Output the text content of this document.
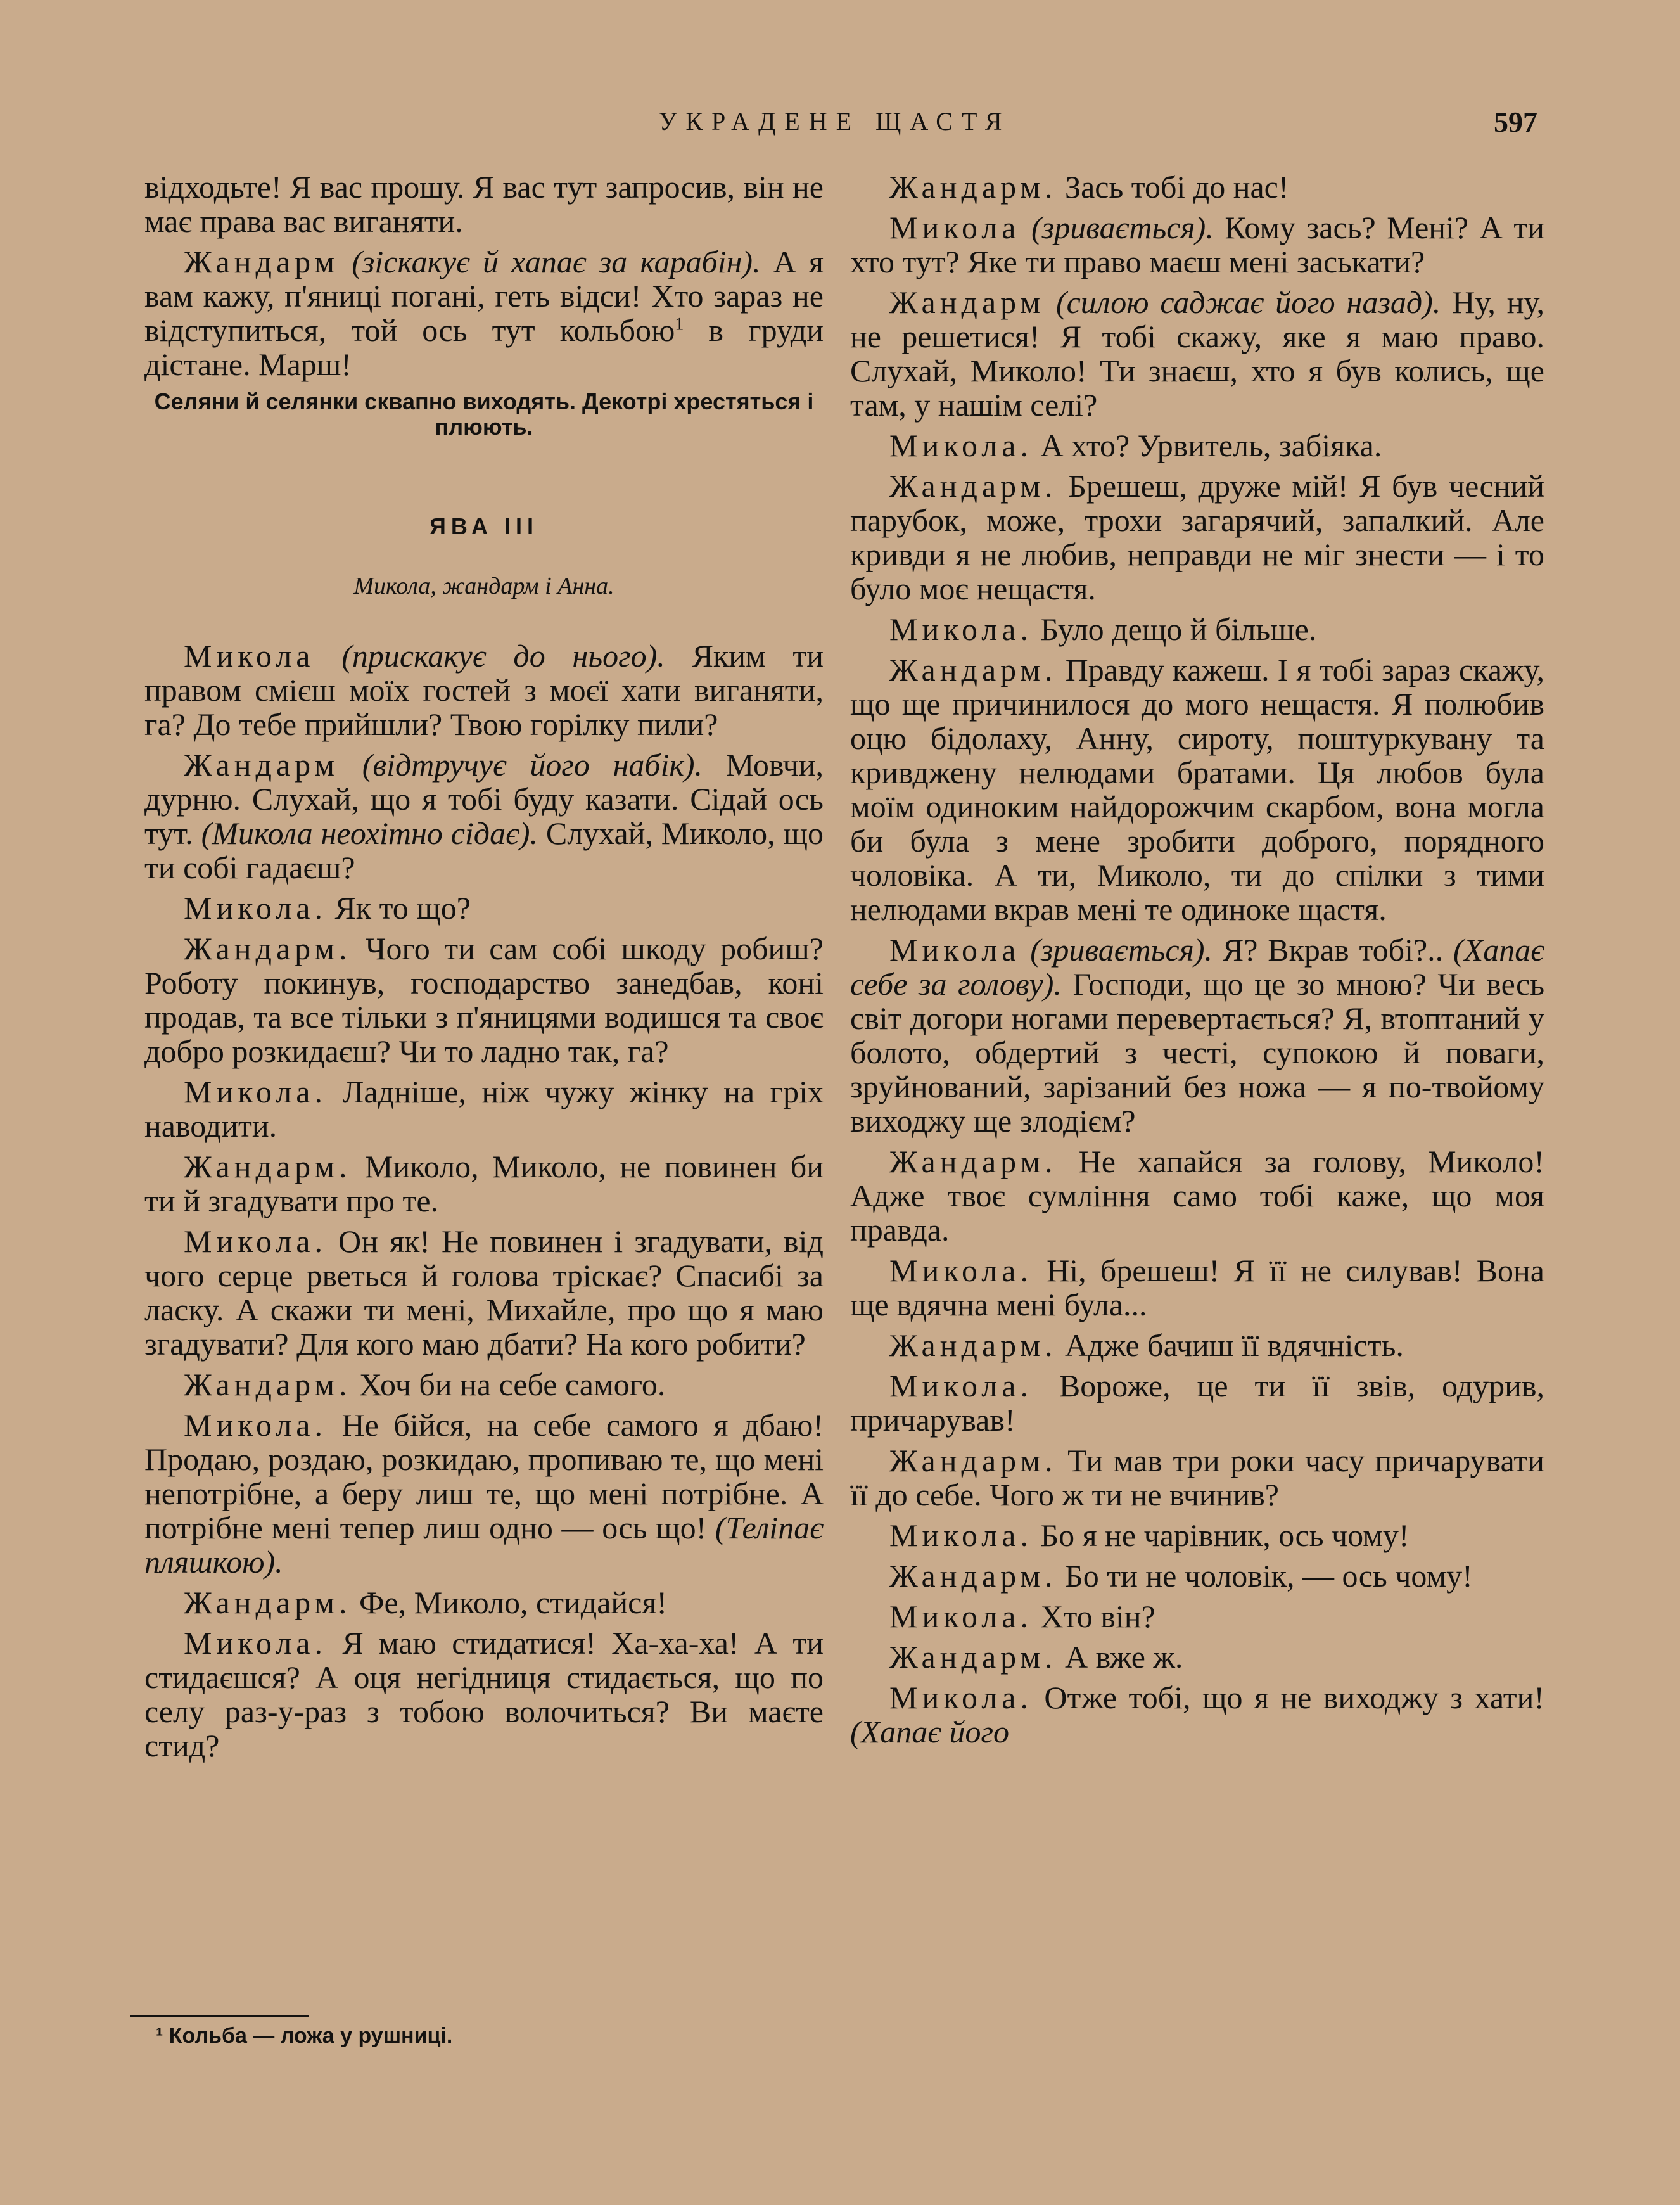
УКРАДЕНЕ ЩАСТЯ	597

відходьте! Я вас прошу. Я вас тут запросив, він не має права вас виганяти.

Жандарм (зіскакує й хапає за карабін). А я вам кажу, п'яниці погані, геть відси! Хто зараз не відступиться, той ось тут кольбою$^1$ в груди дістане. Марш!

Селяни й селянки сквапно виходять. Декотрі хрестяться і плюють.

ЯВА III
Микола, жандарм і Анна.

Микола (прискакує до нього). Яким ти правом смієш моїх гостей з моєї хати виганяти, га? До тебе прийшли? Твою горілку пили?

Жандарм (відтручує його набік). Мовчи, дурню. Слухай, що я тобі буду казати. Сідай ось тут. (Микола неохітно сідає). Слухай, Миколо, що ти собі гадаєш?

Микола. Як то що?

Жандарм. Чого ти сам собі шкоду робиш? Роботу покинув, господарство занедбав, коні продав, та все тільки з п'яницями водишся та своє добро розкидаєш? Чи то ладно так, га?

Микола. Ладніше, ніж чужу жінку на гріх наводити.

Жандарм. Миколо, Миколо, не повинен би ти й згадувати про те.

Микола. Он як! Не повинен і згадувати, від чого серце рветься й голова тріскає? Спасибі за ласку. А скажи ти мені, Михайле, про що я маю згадувати? Для кого маю дбати? На кого робити?

Жандарм. Хоч би на себе самого.

Микола. Не бійся, на себе самого я дбаю! Продаю, роздаю, розкидаю, пропиваю те, що мені непотрібне, а беру лиш те, що мені потрібне. А потрібне мені тепер лиш одно — ось що! (Теліпає пляшкою).

Жандарм. Фе, Миколо, стидайся!

Микола. Я маю стидатися! Ха-ха-ха! А ти стидаєшся? А оця негідниця стидається, що по селу раз-у-раз з тобою волочиться? Ви маєте стид?

Жандарм. Зась тобі до нас!

Микола (зривається). Кому зась? Мені? А ти хто тут? Яке ти право маєш мені заськати?

Жандарм (силою саджає його назад). Ну, ну, не решетися! Я тобі скажу, яке я маю право. Слухай, Миколо! Ти знаєш, хто я був колись, ще там, у нашім селі?

Микола. А хто? Урвитель, забіяка.

Жандарм. Брешеш, друже мій! Я був чесний парубок, може, трохи загарячий, запалкий. Але кривди я не любив, неправди не міг знести — і то було моє нещастя.

Микола. Було дещо й більше.

Жандарм. Правду кажеш. І я тобі зараз скажу, що ще причинилося до мого нещастя. Я полюбив оцю бідолаху, Анну, сироту, поштуркувану та кривджену нелюдами братами. Ця любов була моїм одиноким найдорожчим скарбом, вона могла би була з мене зробити доброго, порядного чоловіка. А ти, Миколо, ти до спілки з тими нелюдами вкрав мені те одиноке щастя.

Микола (зривається). Я? Вкрав тобі?.. (Хапає себе за голову). Господи, що це зо мною? Чи весь світ догори ногами перевертається? Я, втоптаний у болото, обдертий з честі, супокою й поваги, зруйнований, зарізаний без ножа — я по-твойому виходжу ще злодієм?

Жандарм. Не хапайся за голову, Миколо! Адже твоє сумління само тобі каже, що моя правда.

Микола. Ні, брешеш! Я її не силував! Вона ще вдячна мені була...

Жандарм. Адже бачиш її вдячність.

Микола. Вороже, це ти її звів, одурив, причарував!

Жандарм. Ти мав три роки часу причарувати її до себе. Чого ж ти не вчинив?

Микола. Бо я не чарівник, ось чому!

Жандарм. Бо ти не чоловік, — ось чому!

Микола. Хто він?

Жандарм. А вже ж.

Микола. Отже тобі, що я не виходжу з хати! (Хапає його

¹ Кольба — ложа у рушниці.
